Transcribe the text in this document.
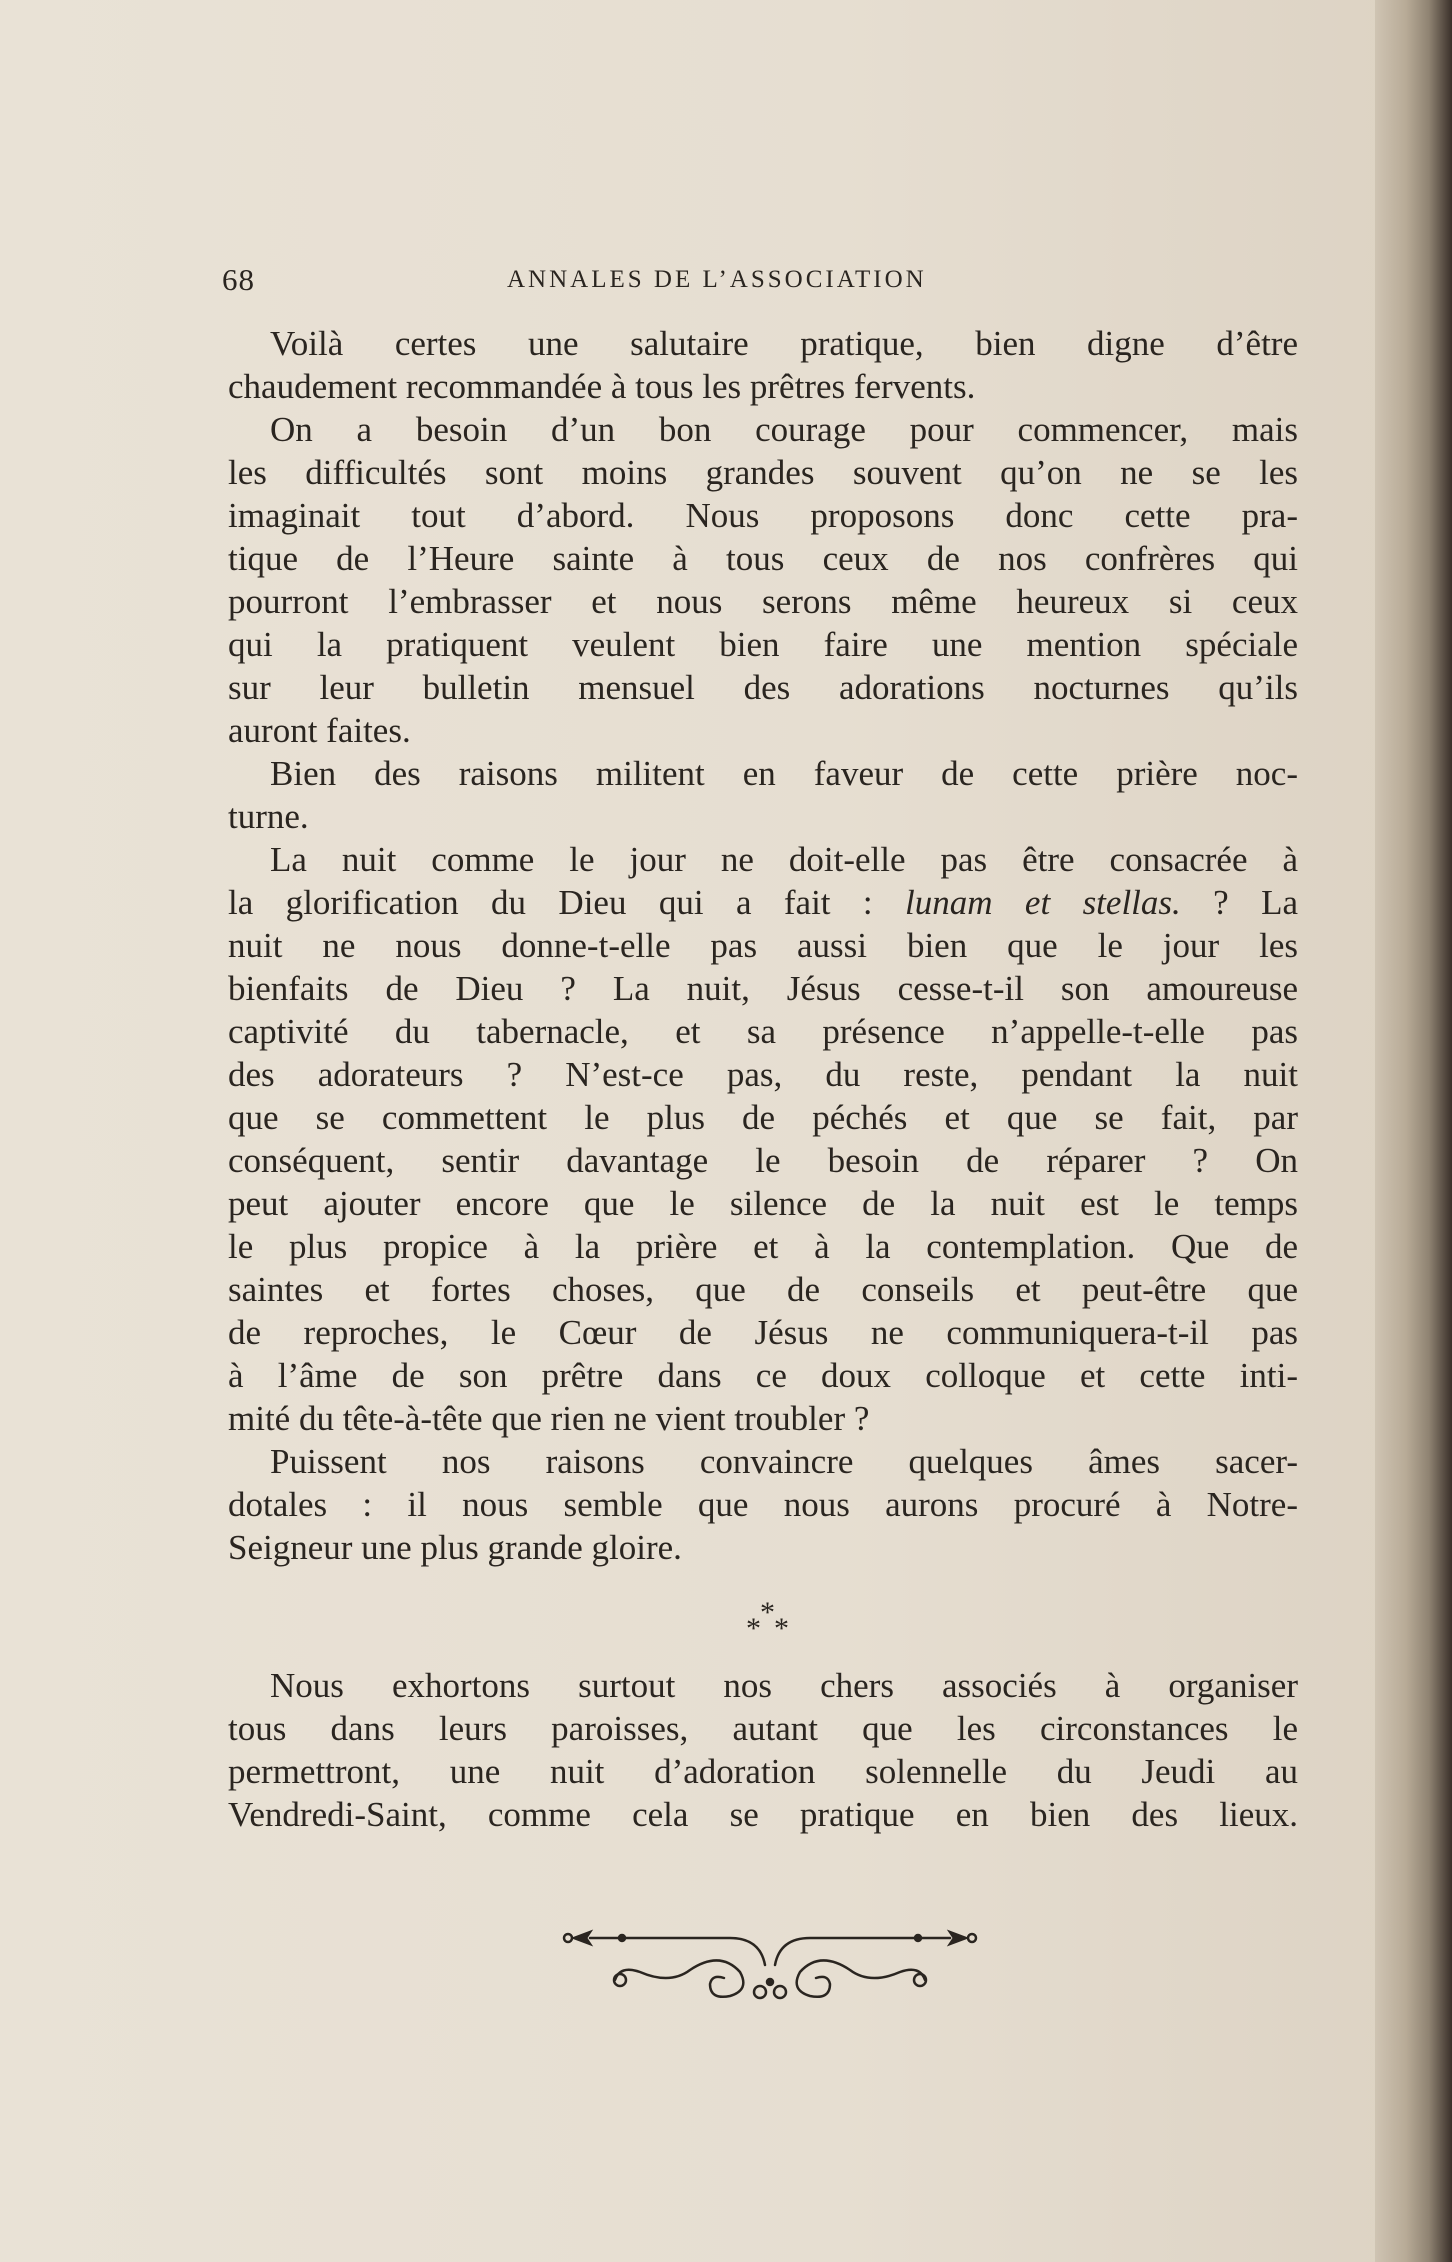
68	ANNALES DE L’ASSOCIATION
Voilà certes une salutaire pratique, bien digne d’être
chaudement recommandée à tous les prêtres fervents.
On a besoin d’un bon courage pour commencer, mais
les difficultés sont moins grandes souvent qu’on ne se les
imaginait tout d’abord. Nous proposons donc cette pra-
tique de l’Heure sainte à tous ceux de nos confrères qui
pourront l’embrasser et nous serons même heureux si ceux
qui la pratiquent veulent bien faire une mention spéciale
sur leur bulletin mensuel des adorations nocturnes qu’ils
auront faites.
Bien des raisons militent en faveur de cette prière noc-
turne.
La nuit comme le jour ne doit-elle pas être consacrée à
la glorification du Dieu qui a fait : lunam et stellas. ? La
nuit ne nous donne-t-elle pas aussi bien que le jour les
bienfaits de Dieu ? La nuit, Jésus cesse-t-il son amoureuse
captivité du tabernacle, et sa présence n’appelle-t-elle pas
des adorateurs ? N’est-ce pas, du reste, pendant la nuit
que se commettent le plus de péchés et que se fait, par
conséquent, sentir davantage le besoin de réparer ? On
peut ajouter encore que le silence de la nuit est le temps
le plus propice à la prière et à la contemplation. Que de
saintes et fortes choses, que de conseils et peut-être que
de reproches, le Cœur de Jésus ne communiquera-t-il pas
à l’âme de son prêtre dans ce doux colloque et cette inti-
mité du tête-à-tête que rien ne vient troubler ?
Puissent nos raisons convaincre quelques âmes sacer-
dotales : il nous semble que nous aurons procuré à Notre-
Seigneur une plus grande gloire.
*
* *
Nous exhortons surtout nos chers associés à organiser
tous dans leurs paroisses, autant que les circonstances le
permettront, une nuit d’adoration solennelle du Jeudi au
Vendredi-Saint, comme cela se pratique en bien des lieux.
